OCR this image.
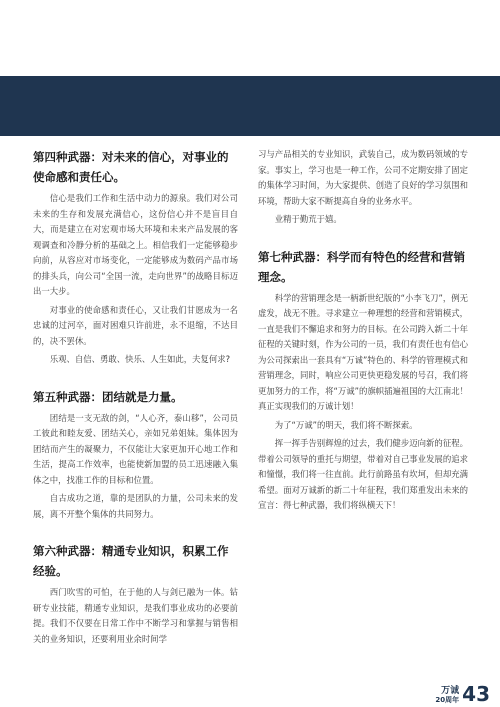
第四种武器：对未来的信心，对事业的使命感和责任心。

信心是我们工作和生活中动力的源泉。我们对公司未来的生存和发展充满信心，这份信心并不是盲目自大，而是建立在对宏观市场大环境和未来产品发展的客观调查和冷静分析的基础之上。相信我们一定能够稳步向前，从容应对市场变化，一定能够成为数码产品市场的排头兵，向公司“全国一流，走向世界”的战略目标迈出一大步。

对事业的使命感和责任心，又让我们甘愿成为一名忠诚的过河卒，面对困难只许前进，永不退缩，不达目的，决不罢休。

乐观、自信、勇敢、快乐、人生如此，夫复何求?

第五种武器：团结就是力量。

团结是一支无敌的剑，“人心齐，泰山移”，公司员工彼此和睦友爱、团结关心，亲如兄弟姐妹。集体因为团结而产生的凝聚力，不仅能让大家更加开心地工作和生活，提高工作效率，也能使新加盟的员工迅速融入集体之中，找准工作的目标和位置。

自古成功之道，靠的是团队的力量，公司未来的发展，离不开整个集体的共同努力。

第六种武器：精通专业知识，积累工作经验。

西门吹雪的可怕，在于他的人与剑已融为一体。钻研专业技能，精通专业知识，是我们事业成功的必要前提。我们不仅要在日常工作中不断学习和掌握与销售相关的业务知识，还要利用业余时间学

习与产品相关的专业知识，武装自己，成为数码领域的专家。事实上，学习也是一种工作，公司不定期安排了固定的集体学习时间，为大家提供、创造了良好的学习氛围和环境，帮助大家不断提高自身的业务水平。

业精于勤荒于嬉。

第七种武器：科学而有特色的经营和营销理念。

科学的营销理念是一柄新世纪版的“小李飞刀”，例无虚发，战无不胜。寻求建立一种理想的经营和营销模式，一直是我们不懈追求和努力的目标。在公司跨入新二十年征程的关键时刻，作为公司的一员，我们有责任也有信心为公司探索出一套具有“万诚”特色的、科学的管理模式和营销理念，同时，响应公司更快更稳发展的号召，我们将更加努力的工作，将“万诚”的旗帜插遍祖国的大江南北！真正实现我们的万诚计划！

为了“万诚”的明天，我们将不断探索。

挥一挥手告别辉煌的过去，我们健步迈向新的征程。带着公司领导的重托与期望，带着对自己事业发展的追求和憧憬，我们将一往直前。此行前路虽有坎坷，但却充满希望。面对万诚新的新二十年征程，我们郑重发出未来的宣言：得七种武器，我们将纵横天下！

万诚
20周年 43
